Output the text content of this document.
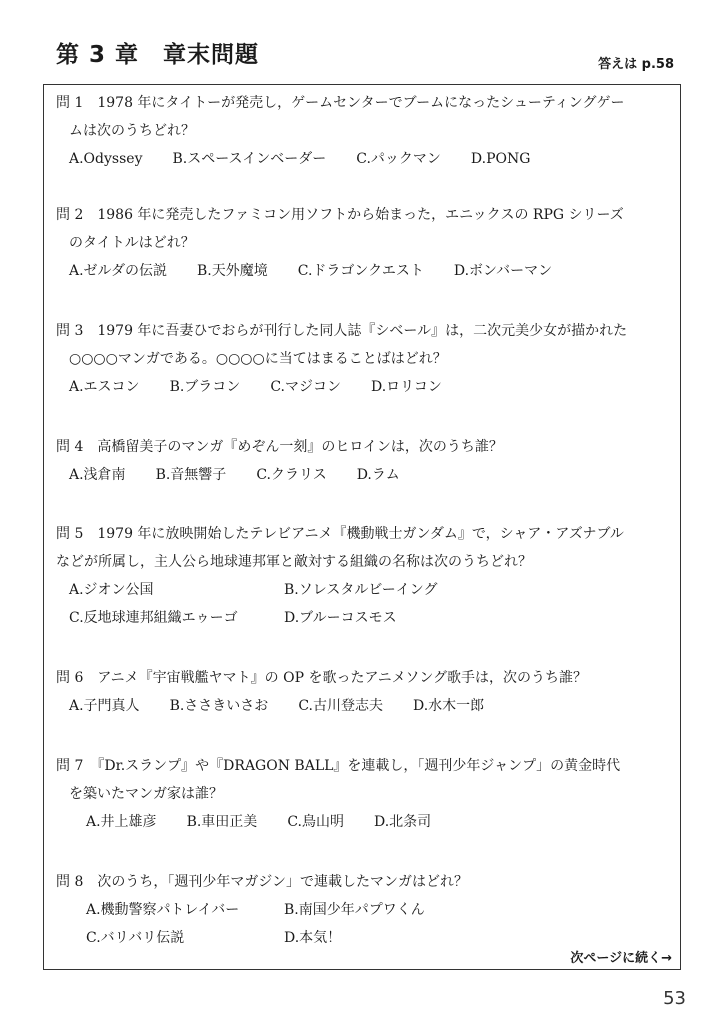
第 3 章　章末問題	答えは p.58
問 1　1978 年にタイトーが発売し，ゲームセンターでブームになったシューティングゲー
ムは次のうちどれ？
A.Odyssey B.スペースインベーダー C.パックマン D.PONG
問 2　1986 年に発売したファミコン用ソフトから始まった，エニックスの RPG シリーズ
のタイトルはどれ？
A.ゼルダの伝説 B.天外魔境 C.ドラゴンクエスト D.ボンバーマン
問 3　1979 年に吾妻ひでおらが刊行した同人誌『シベール』は，二次元美少女が描かれた
○○○○マンガである。○○○○に当てはまることばはどれ？
A.エスコン B.ブラコン C.マジコン D.ロリコン
問 4　高橋留美子のマンガ『めぞん一刻』のヒロインは，次のうち誰？
A.浅倉南 B.音無響子 C.クラリス D.ラム
問 5　1979 年に放映開始したテレビアニメ『機動戦士ガンダム』で，シャア・アズナブル
などが所属し，主人公ら地球連邦軍と敵対する組織の名称は次のうちどれ？
A.ジオン公国	B.ソレスタルビーイング
C.反地球連邦組織エゥーゴ	D.ブルーコスモス
問 6　アニメ『宇宙戦艦ヤマト』の OP を歌ったアニメソング歌手は，次のうち誰？
A.子門真人 B.ささきいさお C.古川登志夫 D.水木一郎
問 7　『Dr.スランプ』や『DRAGON BALL』を連載し，「週刊少年ジャンプ」の黄金時代
を築いたマンガ家は誰？
A.井上雄彦 B.車田正美 C.鳥山明 D.北条司
問 8　次のうち，「週刊少年マガジン」で連載したマンガはどれ？
A.機動警察パトレイバー	B.南国少年パプワくん
C.バリバリ伝説	D.本気！
次ページに続く→
53
